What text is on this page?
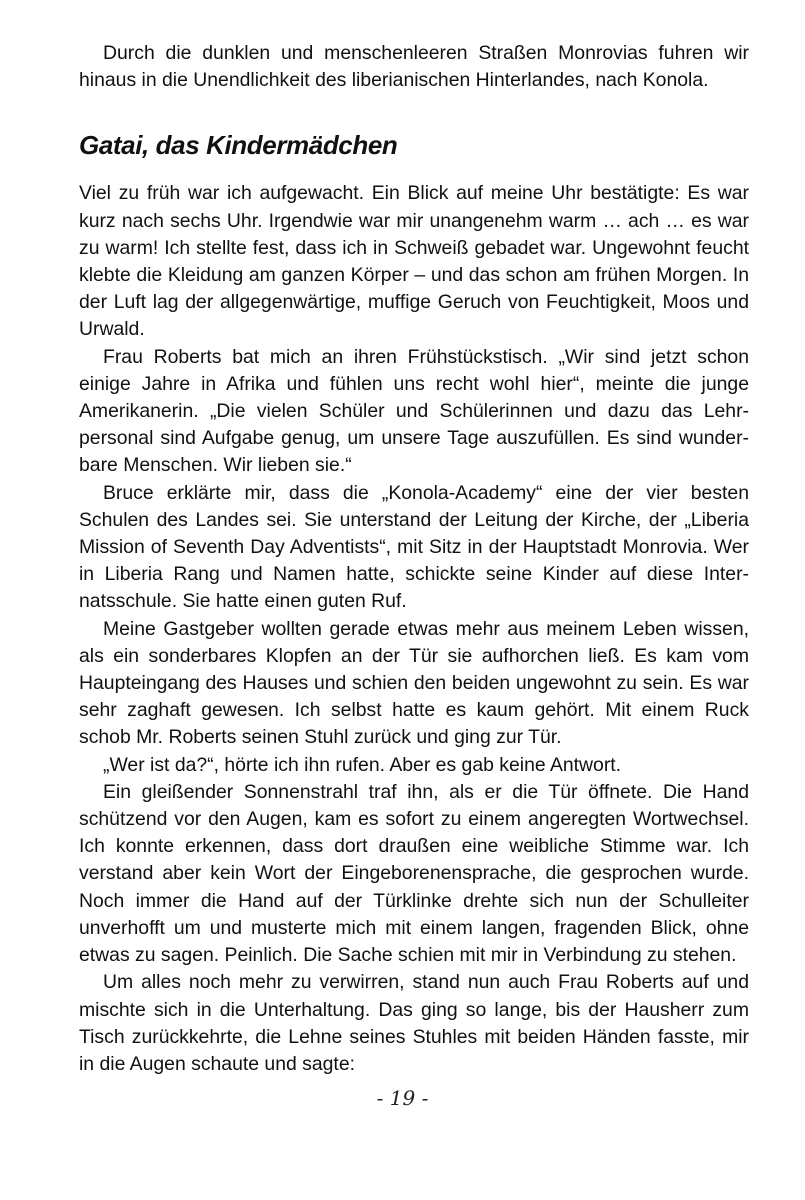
Durch die dunklen und menschenleeren Straßen Monrovias fuhren wir hinaus in die Unendlichkeit des liberianischen Hinterlandes, nach Konola.

Gatai, das Kindermädchen

Viel zu früh war ich aufgewacht. Ein Blick auf meine Uhr bestätigte: Es war kurz nach sechs Uhr. Irgendwie war mir unangenehm warm … ach … es war zu warm! Ich stellte fest, dass ich in Schweiß gebadet war. Ungewohnt feucht klebte die Kleidung am ganzen Körper – und das schon am frühen Morgen. In der Luft lag der allgegenwärtige, muffige Geruch von Feuchtigkeit, Moos und Urwald.

Frau Roberts bat mich an ihren Frühstückstisch. „Wir sind jetzt schon einige Jahre in Afrika und fühlen uns recht wohl hier“, meinte die junge Amerikanerin. „Die vielen Schüler und Schülerinnen und dazu das Lehrpersonal sind Aufgabe genug, um unsere Tage auszufüllen. Es sind wunderbare Menschen. Wir lieben sie.“

Bruce erklärte mir, dass die „Konola-Academy“ eine der vier besten Schulen des Landes sei. Sie unterstand der Leitung der Kirche, der „Liberia Mission of Seventh Day Adventists“, mit Sitz in der Hauptstadt Monrovia. Wer in Liberia Rang und Namen hatte, schickte seine Kinder auf diese Internatsschule. Sie hatte einen guten Ruf.

Meine Gastgeber wollten gerade etwas mehr aus meinem Leben wissen, als ein sonderbares Klopfen an der Tür sie aufhorchen ließ. Es kam vom Haupteingang des Hauses und schien den beiden ungewohnt zu sein. Es war sehr zaghaft gewesen. Ich selbst hatte es kaum gehört. Mit einem Ruck schob Mr. Roberts seinen Stuhl zurück und ging zur Tür.

„Wer ist da?“, hörte ich ihn rufen. Aber es gab keine Antwort.

Ein gleißender Sonnenstrahl traf ihn, als er die Tür öffnete. Die Hand schützend vor den Augen, kam es sofort zu einem angeregten Wortwechsel. Ich konnte erkennen, dass dort draußen eine weibliche Stimme war. Ich verstand aber kein Wort der Eingeborenensprache, die gesprochen wurde. Noch immer die Hand auf der Türklinke drehte sich nun der Schulleiter unverhofft um und musterte mich mit einem langen, fragenden Blick, ohne etwas zu sagen. Peinlich. Die Sache schien mit mir in Verbindung zu stehen.

Um alles noch mehr zu verwirren, stand nun auch Frau Roberts auf und mischte sich in die Unterhaltung. Das ging so lange, bis der Hausherr zum Tisch zurückkehrte, die Lehne seines Stuhles mit beiden Händen fasste, mir in die Augen schaute und sagte:

- 19 -
